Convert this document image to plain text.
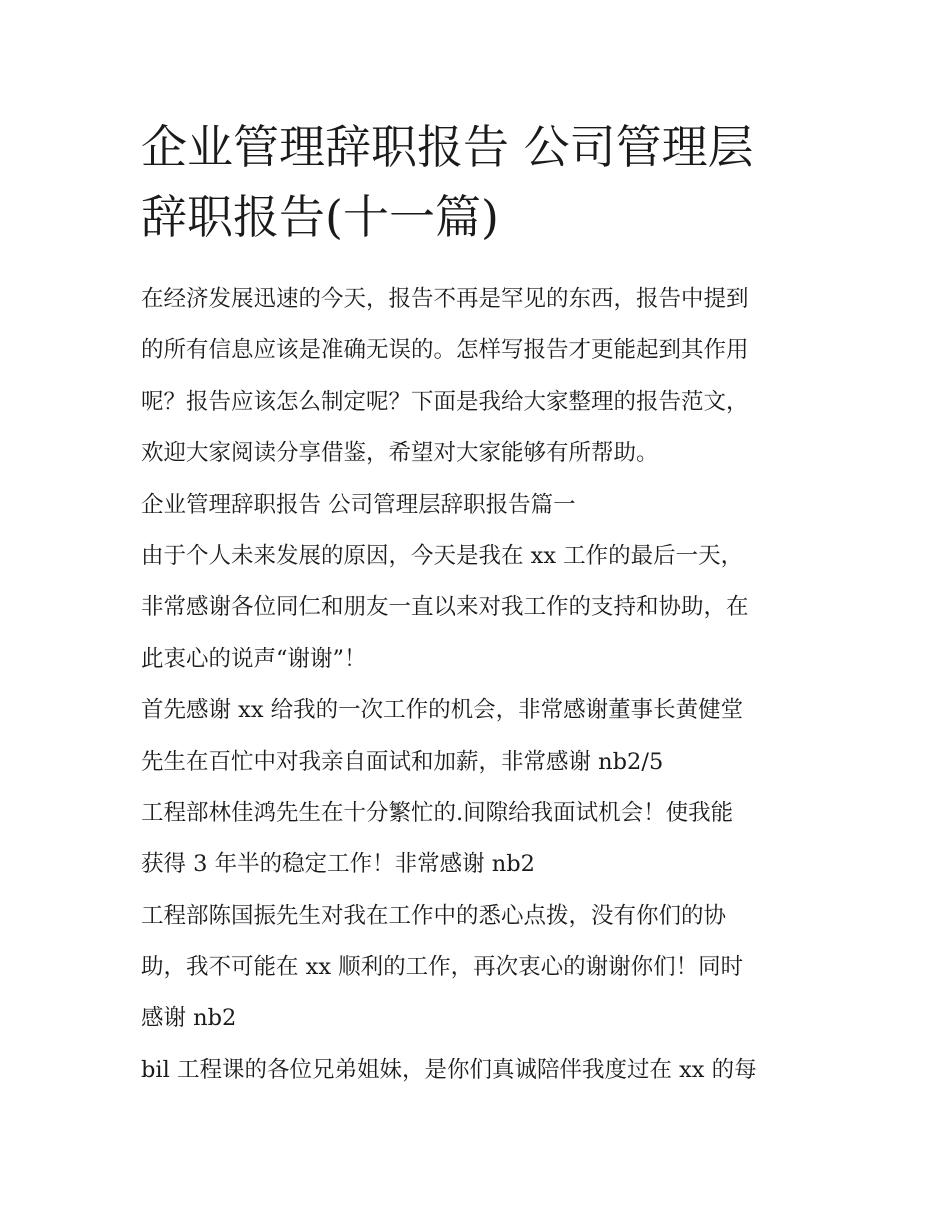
企业管理辞职报告 公司管理层
辞职报告(十一篇)
在经济发展迅速的今天，报告不再是罕见的东西，报告中提到
的所有信息应该是准确无误的。怎样写报告才更能起到其作用
呢？报告应该怎么制定呢？下面是我给大家整理的报告范文，
欢迎大家阅读分享借鉴，希望对大家能够有所帮助。
企业管理辞职报告 公司管理层辞职报告篇一
由于个人未来发展的原因，今天是我在 xx 工作的最后一天，
非常感谢各位同仁和朋友一直以来对我工作的支持和协助，在
此衷心的说声“谢谢”！
首先感谢 xx 给我的一次工作的机会，非常感谢董事长黄健堂
先生在百忙中对我亲自面试和加薪，非常感谢 nb2/5
工程部林佳鸿先生在十分繁忙的.间隙给我面试机会！使我能
获得 3 年半的稳定工作！非常感谢 nb2
工程部陈国振先生对我在工作中的悉心点拨，没有你们的协
助，我不可能在 xx 顺利的工作，再次衷心的谢谢你们！同时
感谢 nb2
bil 工程课的各位兄弟姐妹，是你们真诚陪伴我度过在 xx 的每
